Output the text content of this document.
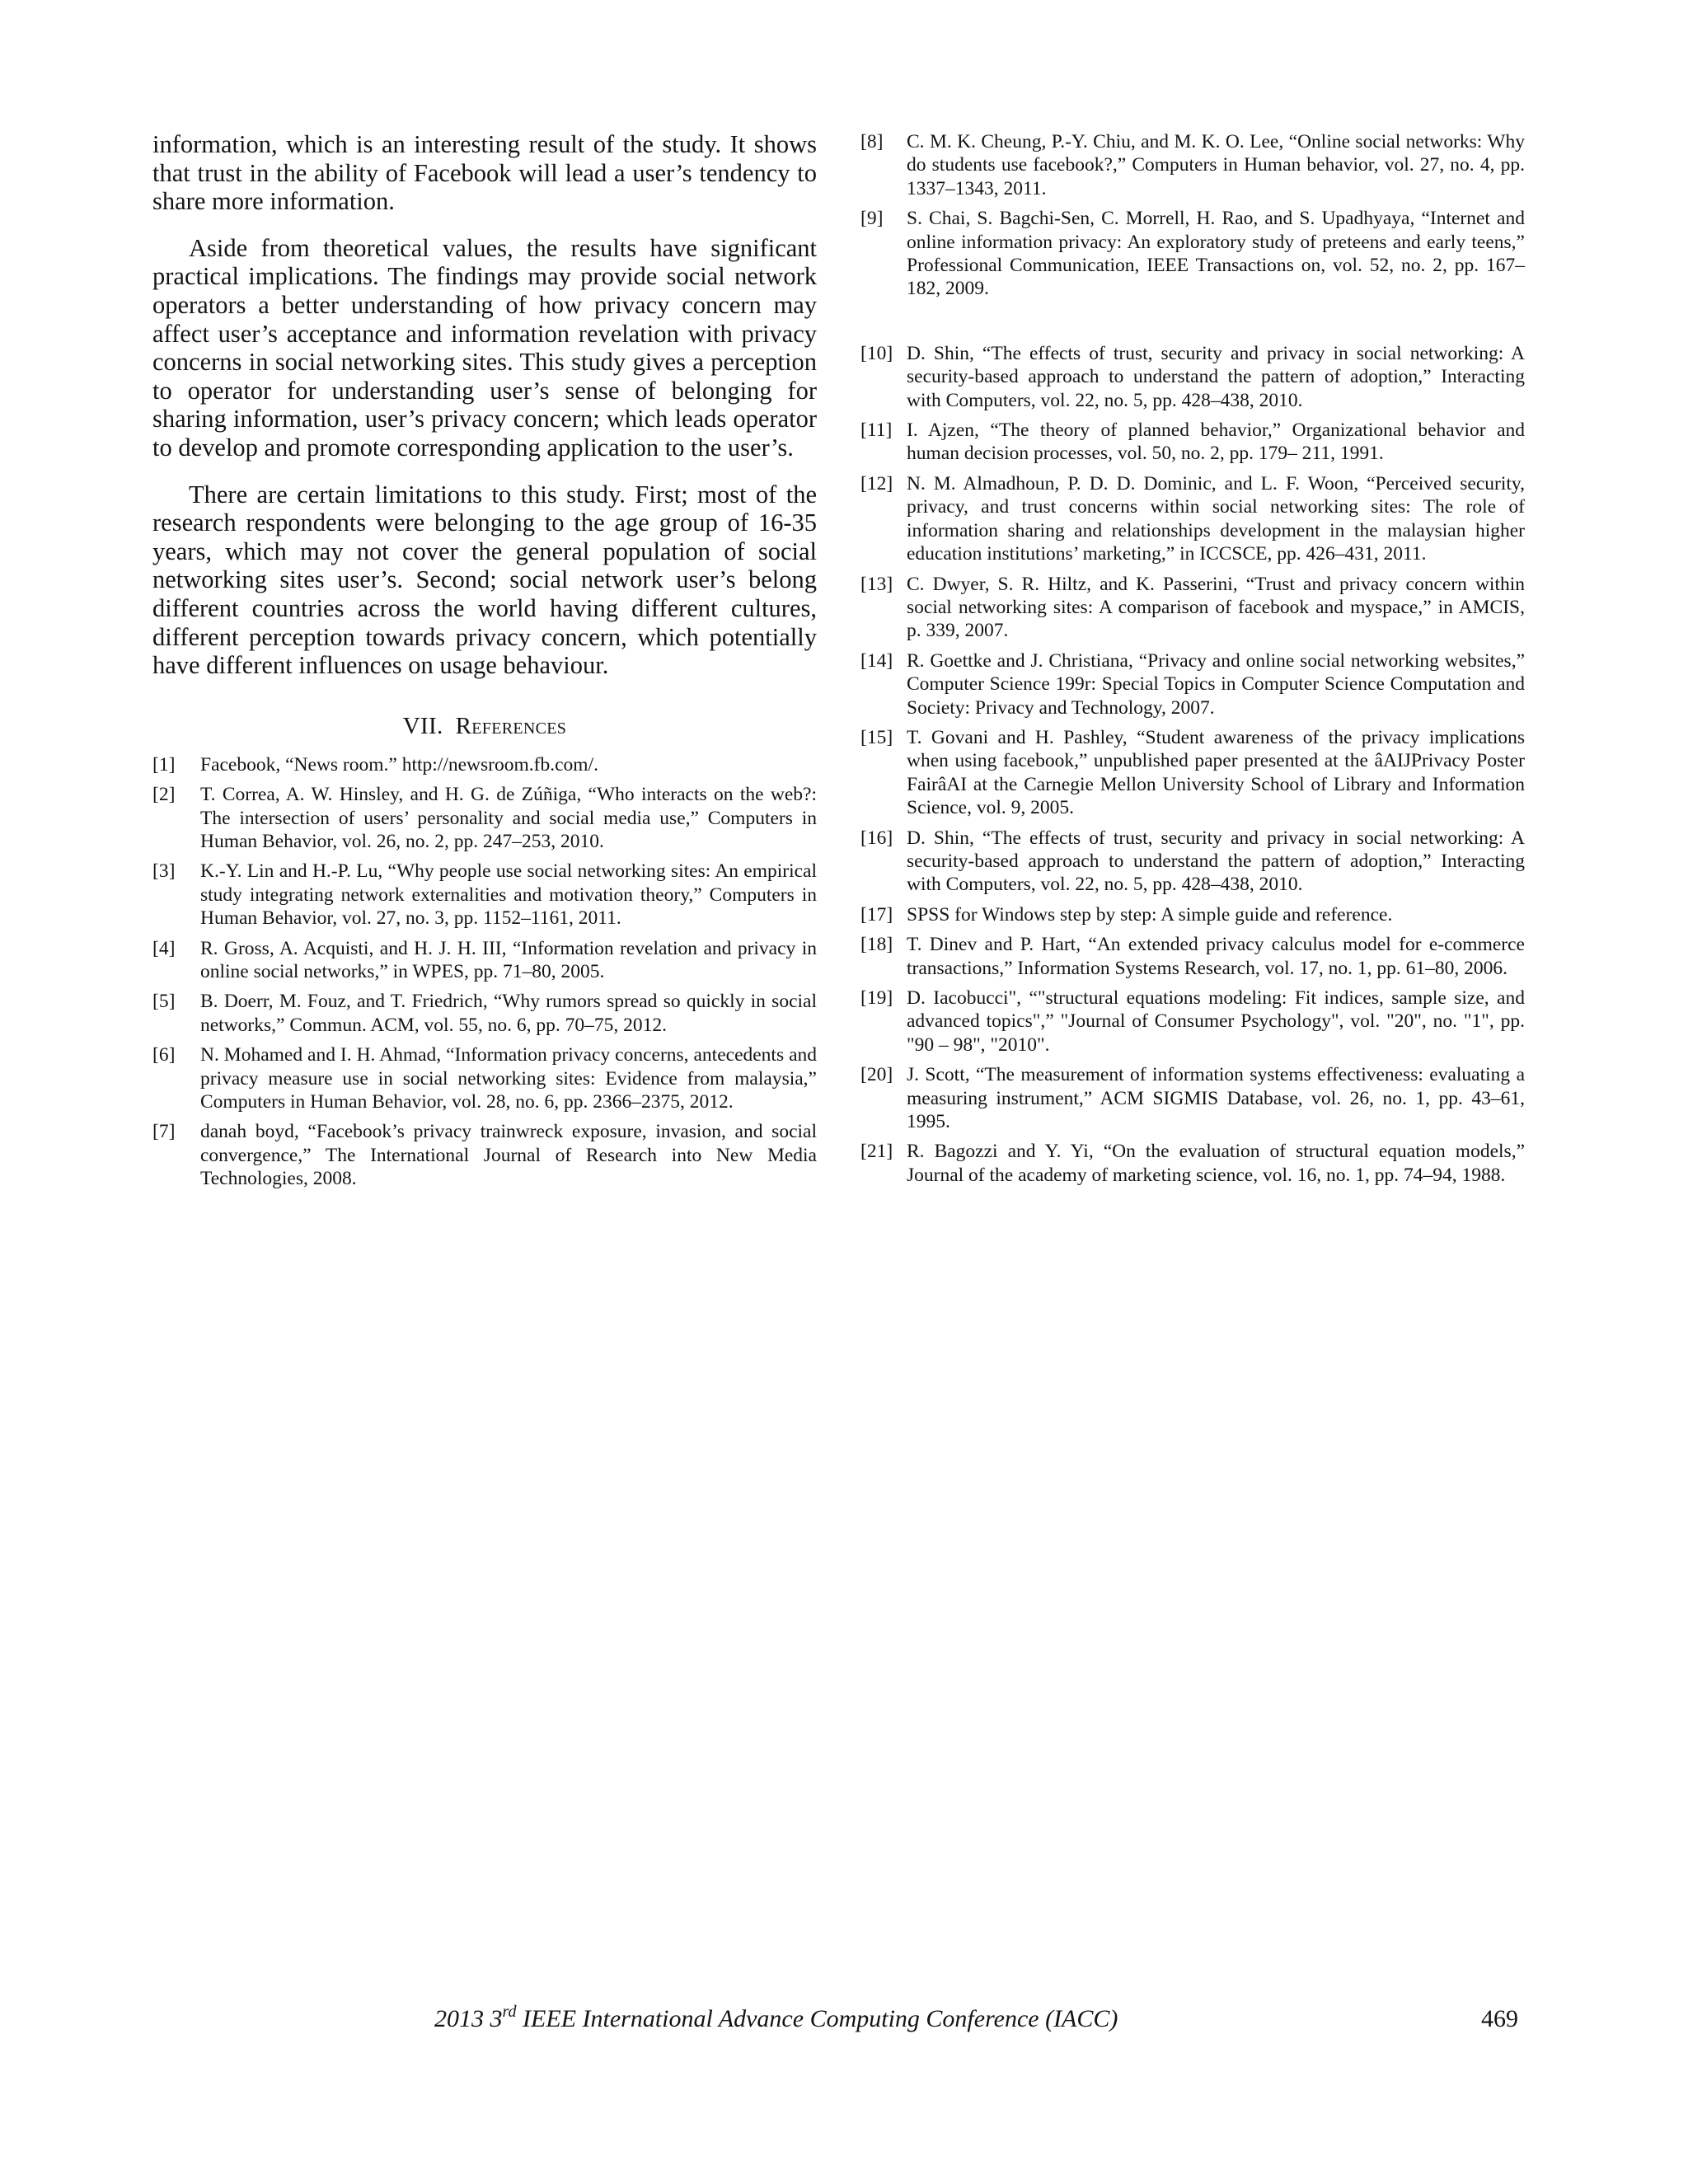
information, which is an interesting result of the study. It shows that trust in the ability of Facebook will lead a user’s tendency to share more information.

Aside from theoretical values, the results have significant practical implications. The findings may provide social network operators a better understanding of how privacy concern may affect user’s acceptance and information revelation with privacy concerns in social networking sites. This study gives a perception to operator for understanding user’s sense of belonging for sharing information, user’s privacy concern; which leads operator to develop and promote corresponding application to the user’s.

There are certain limitations to this study. First; most of the research respondents were belonging to the age group of 16-35 years, which may not cover the general population of social networking sites user’s. Second; social network user’s belong different countries across the world having different cultures, different perception towards privacy concern, which potentially have different influences on usage behaviour.

VII. References
[1] Facebook, “News room.” http://newsroom.fb.com/.
[2] T. Correa, A. W. Hinsley, and H. G. de Zúñiga, “Who interacts on the web?: The intersection of users’ personality and social media use,” Computers in Human Behavior, vol. 26, no. 2, pp. 247–253, 2010.
[3] K.-Y. Lin and H.-P. Lu, “Why people use social networking sites: An empirical study integrating network externalities and motivation theory,” Computers in Human Behavior, vol. 27, no. 3, pp. 1152–1161, 2011.
[4] R. Gross, A. Acquisti, and H. J. H. III, “Information revelation and privacy in online social networks,” in WPES, pp. 71–80, 2005.
[5] B. Doerr, M. Fouz, and T. Friedrich, “Why rumors spread so quickly in social networks,” Commun. ACM, vol. 55, no. 6, pp. 70–75, 2012.
[6] N. Mohamed and I. H. Ahmad, “Information privacy concerns, antecedents and privacy measure use in social networking sites: Evidence from malaysia,” Computers in Human Behavior, vol. 28, no. 6, pp. 2366–2375, 2012.
[7] danah boyd, “Facebook’s privacy trainwreck exposure, invasion, and social convergence,” The International Journal of Research into New Media Technologies, 2008.
[8] C. M. K. Cheung, P.-Y. Chiu, and M. K. O. Lee, “Online social networks: Why do students use facebook?,” Computers in Human behavior, vol. 27, no. 4, pp. 1337–1343, 2011.
[9] S. Chai, S. Bagchi-Sen, C. Morrell, H. Rao, and S. Upadhyaya, “Internet and online information privacy: An exploratory study of preteens and early teens,” Professional Communication, IEEE Transactions on, vol. 52, no. 2, pp. 167–182, 2009.
[10] D. Shin, “The effects of trust, security and privacy in social networking: A security-based approach to understand the pattern of adoption,” Interacting with Computers, vol. 22, no. 5, pp. 428–438, 2010.
[11] I. Ajzen, “The theory of planned behavior,” Organizational behavior and human decision processes, vol. 50, no. 2, pp. 179– 211, 1991.
[12] N. M. Almadhoun, P. D. D. Dominic, and L. F. Woon, “Perceived security, privacy, and trust concerns within social networking sites: The role of information sharing and relationships development in the malaysian higher education institutions’ marketing,” in ICCSCE, pp. 426–431, 2011.
[13] C. Dwyer, S. R. Hiltz, and K. Passerini, “Trust and privacy concern within social networking sites: A comparison of facebook and myspace,” in AMCIS, p. 339, 2007.
[14] R. Goettke and J. Christiana, “Privacy and online social networking websites,” Computer Science 199r: Special Topics in Computer Science Computation and Society: Privacy and Technology, 2007.
[15] T. Govani and H. Pashley, “Student awareness of the privacy implications when using facebook,” unpublished paper presented at the âAIJPrivacy Poster FairâAI at the Carnegie Mellon University School of Library and Information Science, vol. 9, 2005.
[16] D. Shin, “The effects of trust, security and privacy in social networking: A security-based approach to understand the pattern of adoption,” Interacting with Computers, vol. 22, no. 5, pp. 428–438, 2010.
[17] SPSS for Windows step by step: A simple guide and reference.
[18] T. Dinev and P. Hart, “An extended privacy calculus model for e-commerce transactions,” Information Systems Research, vol. 17, no. 1, pp. 61–80, 2006.
[19] D. Iacobucci", “"structural equations modeling: Fit indices, sample size, and advanced topics",” "Journal of Consumer Psychology", vol. "20", no. "1", pp. "90 – 98", "2010".
[20] J. Scott, “The measurement of information systems effectiveness: evaluating a measuring instrument,” ACM SIGMIS Database, vol. 26, no. 1, pp. 43–61, 1995.
[21] R. Bagozzi and Y. Yi, “On the evaluation of structural equation models,” Journal of the academy of marketing science, vol. 16, no. 1, pp. 74–94, 1988.
2013 3rd IEEE International Advance Computing Conference (IACC)	469
